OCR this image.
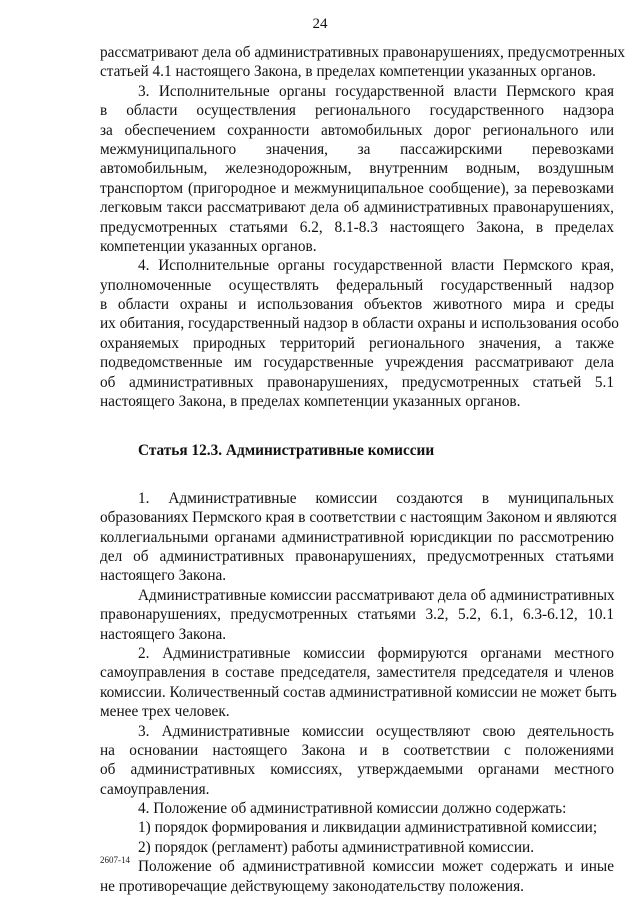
24
рассматривают дела об административных правонарушениях, предусмотренных
статьей 4.1 настоящего Закона, в пределах компетенции указанных органов.
3. Исполнительные органы государственной власти Пермского края
в области осуществления регионального государственного надзора
за обеспечением сохранности автомобильных дорог регионального или
межмуниципального значения, за пассажирскими перевозками
автомобильным, железнодорожным, внутренним водным, воздушным
транспортом (пригородное и межмуниципальное сообщение), за перевозками
легковым такси рассматривают дела об административных правонарушениях,
предусмотренных статьями 6.2, 8.1-8.3 настоящего Закона, в пределах
компетенции указанных органов.
4. Исполнительные органы государственной власти Пермского края,
уполномоченные осуществлять федеральный государственный надзор
в области охраны и использования объектов животного мира и среды
их обитания, государственный надзор в области охраны и использования особо
охраняемых природных территорий регионального значения, а также
подведомственные им государственные учреждения рассматривают дела
об административных правонарушениях, предусмотренных статьей 5.1
настоящего Закона, в пределах компетенции указанных органов.
Статья 12.3. Административные комиссии
1. Административные комиссии создаются в муниципальных
образованиях Пермского края в соответствии с настоящим Законом и являются
коллегиальными органами административной юрисдикции по рассмотрению
дел об административных правонарушениях, предусмотренных статьями
настоящего Закона.
Административные комиссии рассматривают дела об административных
правонарушениях, предусмотренных статьями 3.2, 5.2, 6.1, 6.3-6.12, 10.1
настоящего Закона.
2. Административные комиссии формируются органами местного
самоуправления в составе председателя, заместителя председателя и членов
комиссии. Количественный состав административной комиссии не может быть
менее трех человек.
3. Административные комиссии осуществляют свою деятельность
на основании настоящего Закона и в соответствии с положениями
об административных комиссиях, утверждаемыми органами местного
самоуправления.
4. Положение об административной комиссии должно содержать:
1) порядок формирования и ликвидации административной комиссии;
2) порядок (регламент) работы административной комиссии.
Положение об административной комиссии может содержать и иные
не противоречащие действующему законодательству положения.
2607-14
